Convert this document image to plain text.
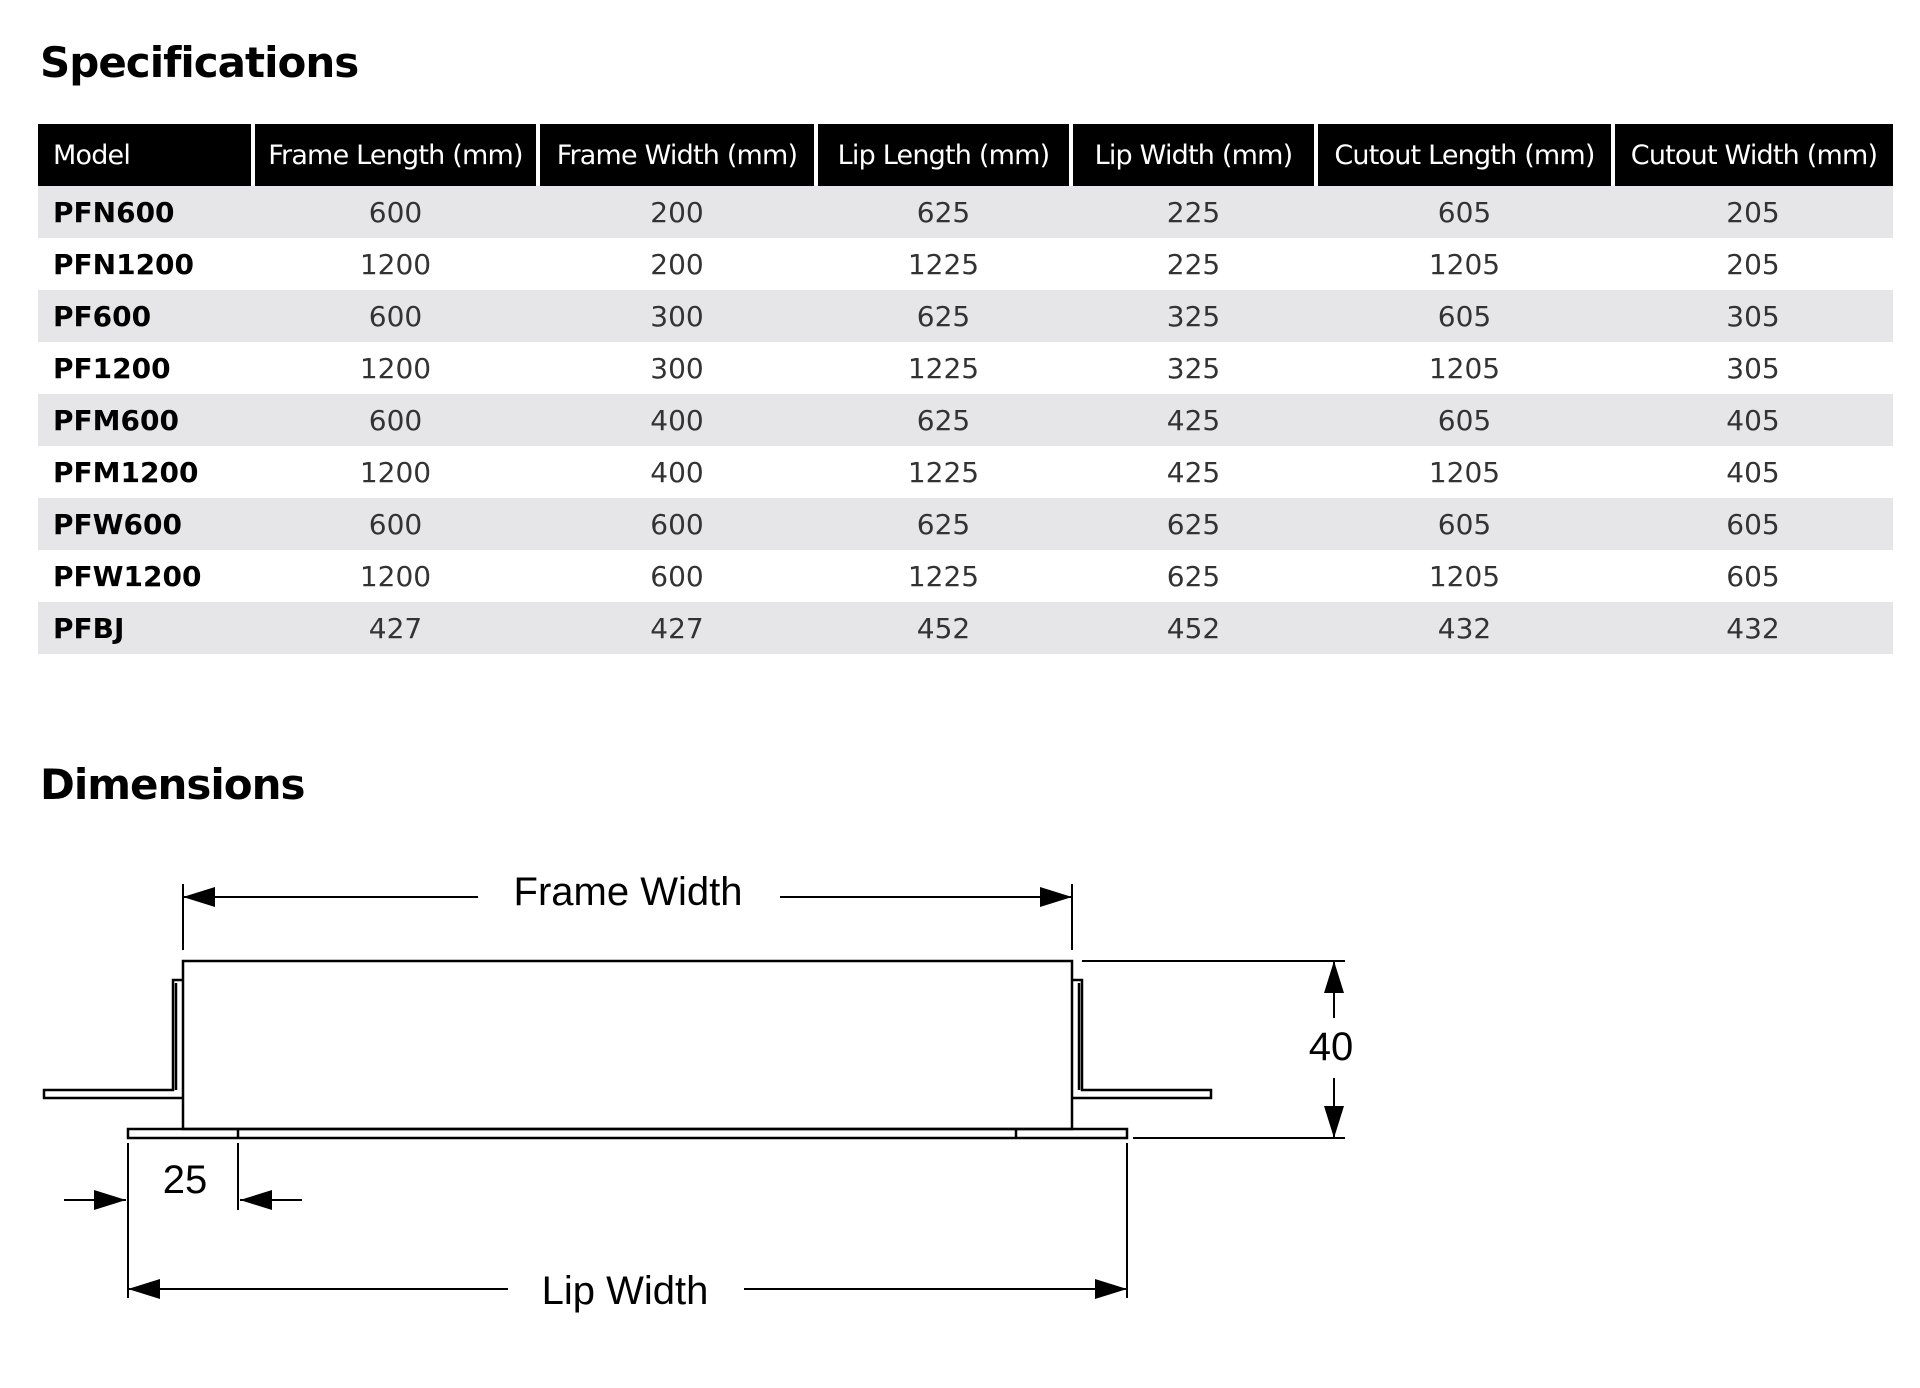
Specifications
Model	Frame Length (mm)	Frame Width (mm)	Lip Length (mm)	Lip Width (mm)	Cutout Length (mm)	Cutout Width (mm)
PFN600	600	200	625	225	605	205
PFN1200	1200	200	1225	225	1205	205
PF600	600	300	625	325	605	305
PF1200	1200	300	1225	325	1205	305
PFM600	600	400	625	425	605	405
PFM1200	1200	400	1225	425	1205	405
PFW600	600	600	625	625	605	605
PFW1200	1200	600	1225	625	1205	605
PFBJ	427	427	452	452	432	432
Dimensions
Frame Width
40
25
Lip Width
